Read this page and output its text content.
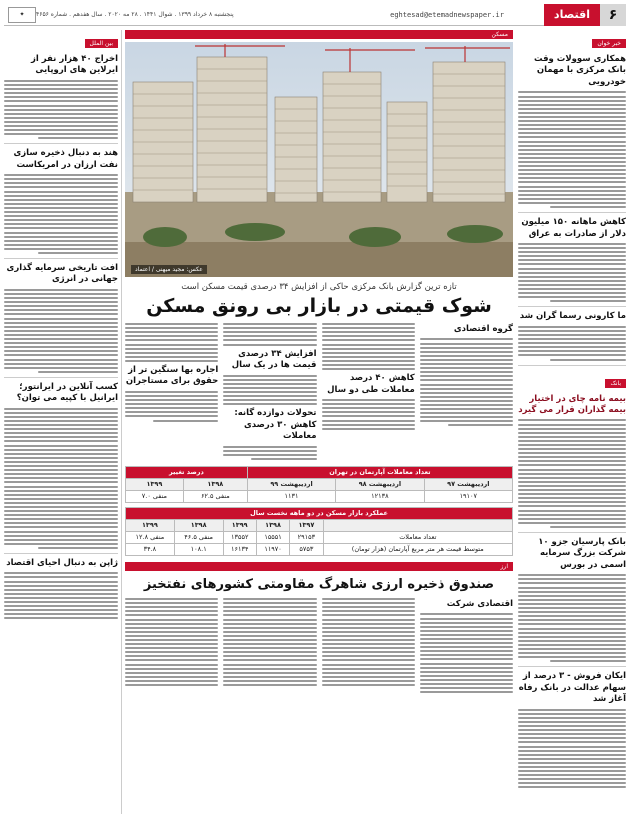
۶
اقتصاد
eghtesad@etemadnewspaper.ir
پنجشنبه ۸ خرداد ۱۳۹۹ . شوال ۱۴۴۱ . ۲۸ مه ۲۰۲۰ . سال هفدهم . شماره ۴۶۵۶
✦
خبر خوان
همکاری سوولات وقت بانک مرکزی با مهمان خودرویی
کاهش ماهانه ۱۵۰ میلیون دلار از صادرات به عراق
ما کارونی رسما گران شد
بانک
بیمه نامه چای در اختیار بیمه گذاران قرار می گیرد
بانک پارسیان جزو ۱۰ شرکت بزرگ سرمایه اسمی در بورس
ایکان فروش - ۳ درصد از سهام عدالت در بانک رفاه آغاز شد
مسکن
عکس: مجید میهنی / اعتماد
تازه ترین گزارش بانک مرکزی حاکی از افزایش ۳۴ درصدی قیمت مسکن است
شوک قیمتی در بازار بی رونق مسکن
گروه اقتصادی
کاهش ۴۰ درصد معاملات طی دو سال
افزایش ۳۴ درصدی قیمت ها در یک سال
تحولات دوازده گانه: کاهش ۳۰ درصدی معاملات
اجاره بها سنگین تر از حقوق برای مستاجران
تعداد معاملات آپارتمان در تهران			درصد تغییر	
اردیبهشت ۹۷	اردیبهشت ۹۸	اردیبهشت ۹۹	۱۳۹۸	۱۳۹۹
۱۹۱۰۷	۱۲۱۳۸	۱۱۳۱	منفی ۶۲.۵	منفی ۷.۰
عملکرد بازار مسکن در دو ماهه نخست سال					
	۱۳۹۷	۱۳۹۸	۱۳۹۹	۱۳۹۸	۱۳۹۹
تعداد معاملات	۲۹۱۵۳	۱۵۵۵۱	۱۳۵۵۲	منفی ۴۶.۵	منفی ۱۲.۸
متوسط قیمت هر متر مربع آپارتمان (هزار تومان)	۵۷۵۳	۱۱۹۷۰	۱۶۱۳۴	۱۰۸.۱	۳۴.۸
ارز
صندوق ذخیره ارزی شاهرگ مقاومتی کشورهای نفتخیز
اقتصادی شرکت
بین الملل
اخراج ۴۰ هزار نفر از ایرلاین های اروپایی
هند به دنبال ذخیره سازی نفت ارزان در امریکاست
افت تاریخی سرمایه گذاری جهانی در انرژی
کسب آنلاین در ایرانتور؛ ایرانیل با کپیه می توان؟
ژاپن به دنبال احیای اقتصاد
